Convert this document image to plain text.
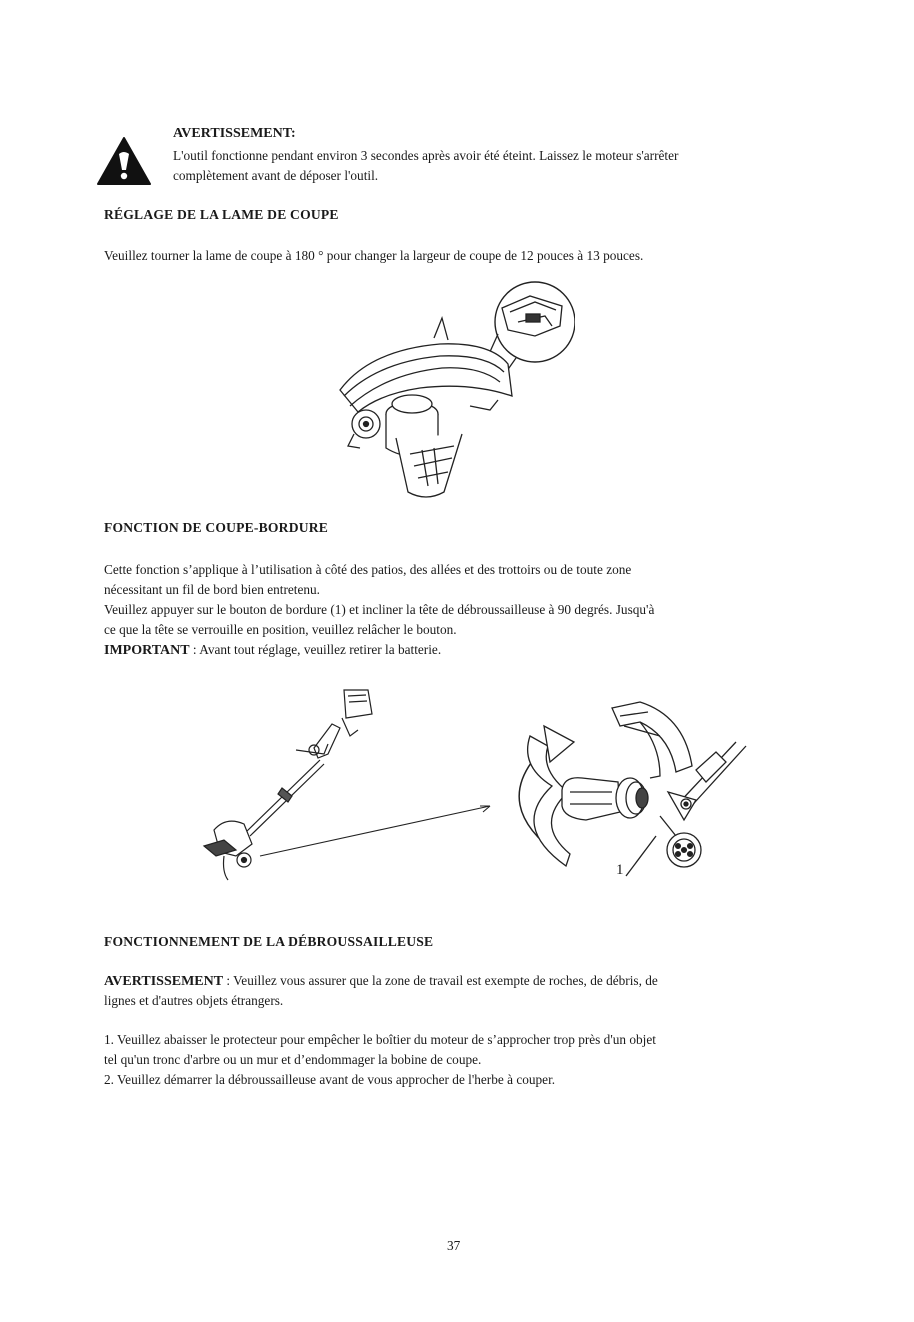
AVERTISSEMENT:
L'outil fonctionne pendant environ 3 secondes après avoir été éteint. Laissez le moteur s'arrêter
complètement avant de déposer l'outil.
RÉGLAGE DE LA LAME DE COUPE
Veuillez tourner la lame de coupe à 180 ° pour changer la largeur de coupe de 12 pouces à 13 pouces.
FONCTION DE COUPE-BORDURE
Cette fonction s’applique à l’utilisation à côté des patios, des allées et des trottoirs ou de toute zone
nécessitant un fil de bord bien entretenu.
Veuillez appuyer sur le bouton de bordure (1) et incliner la tête de débroussailleuse à 90 degrés. Jusqu'à
ce que la tête se verrouille en position, veuillez relâcher le bouton.
IMPORTANT : Avant tout réglage, veuillez retirer la batterie.
1
FONCTIONNEMENT DE LA DÉBROUSSAILLEUSE
AVERTISSEMENT : Veuillez vous assurer que la zone de travail est exempte de roches, de débris, de
lignes et d'autres objets étrangers.
1. Veuillez abaisser le protecteur pour empêcher le boîtier du moteur de s’approcher trop près d'un objet
tel qu'un tronc d'arbre ou un mur et d’endommager la bobine de coupe.
2. Veuillez démarrer la débroussailleuse avant de vous approcher de l'herbe à couper.
37
